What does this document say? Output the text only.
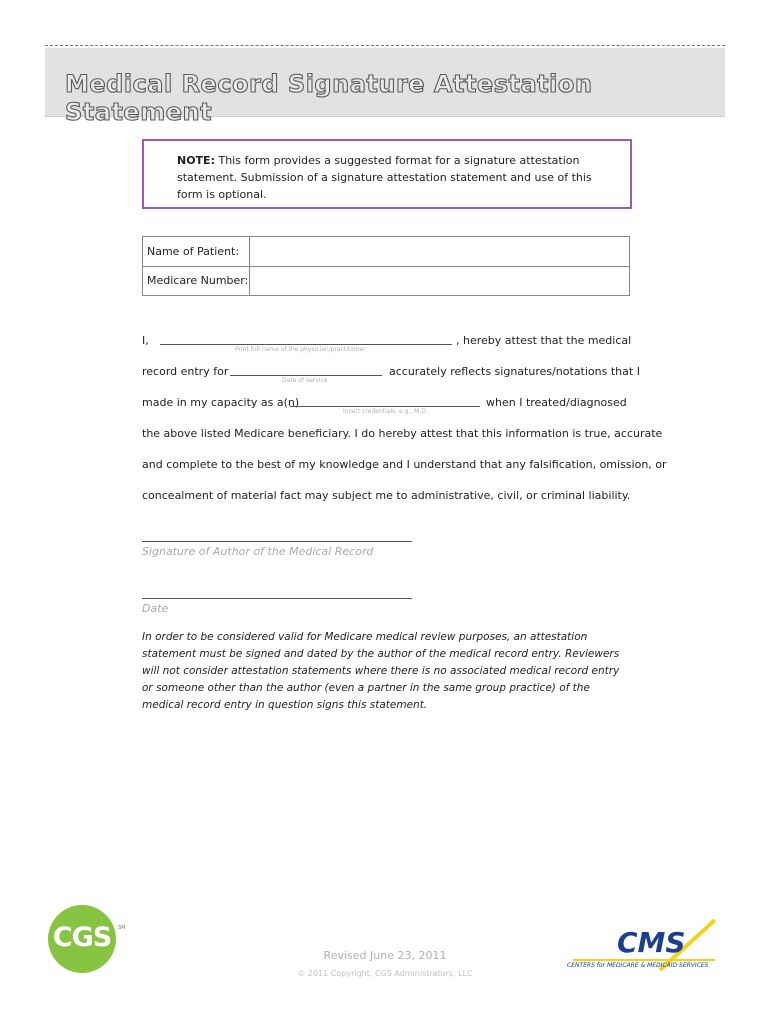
Medical Record Signature Attestation Statement

NOTE: This form provides a suggested format for a signature attestation statement. Submission of a signature attestation statement and use of this form is optional.

Name of Patient:
Medicare Number:
I,
Print full name of the physician/practitioner
, hereby attest that the medical
record entry for
Date of service
accurately reflects signatures/notations that I
made in my capacity as a(n)
Insert credentials, e.g., M.D.
when I treated/diagnosed
the above listed Medicare beneficiary. I do hereby attest that this information is true, accurate
and complete to the best of my knowledge and I understand that any falsification, omission, or
concealment of material fact may subject me to administrative, civil, or criminal liability.
Signature of Author of the Medical Record
Date

In order to be considered valid for Medicare medical review purposes, an attestation statement must be signed and dated by the author of the medical record entry. Reviewers will not consider attestation statements where there is no associated medical record entry or someone other than the author (even a partner in the same group practice) of the medical record entry in question signs this statement.

CGS	SM
Revised June 23, 2011
© 2011 Copyright, CGS Administrators, LLC
CMS
CENTERS for MEDICARE & MEDICAID SERVICES
